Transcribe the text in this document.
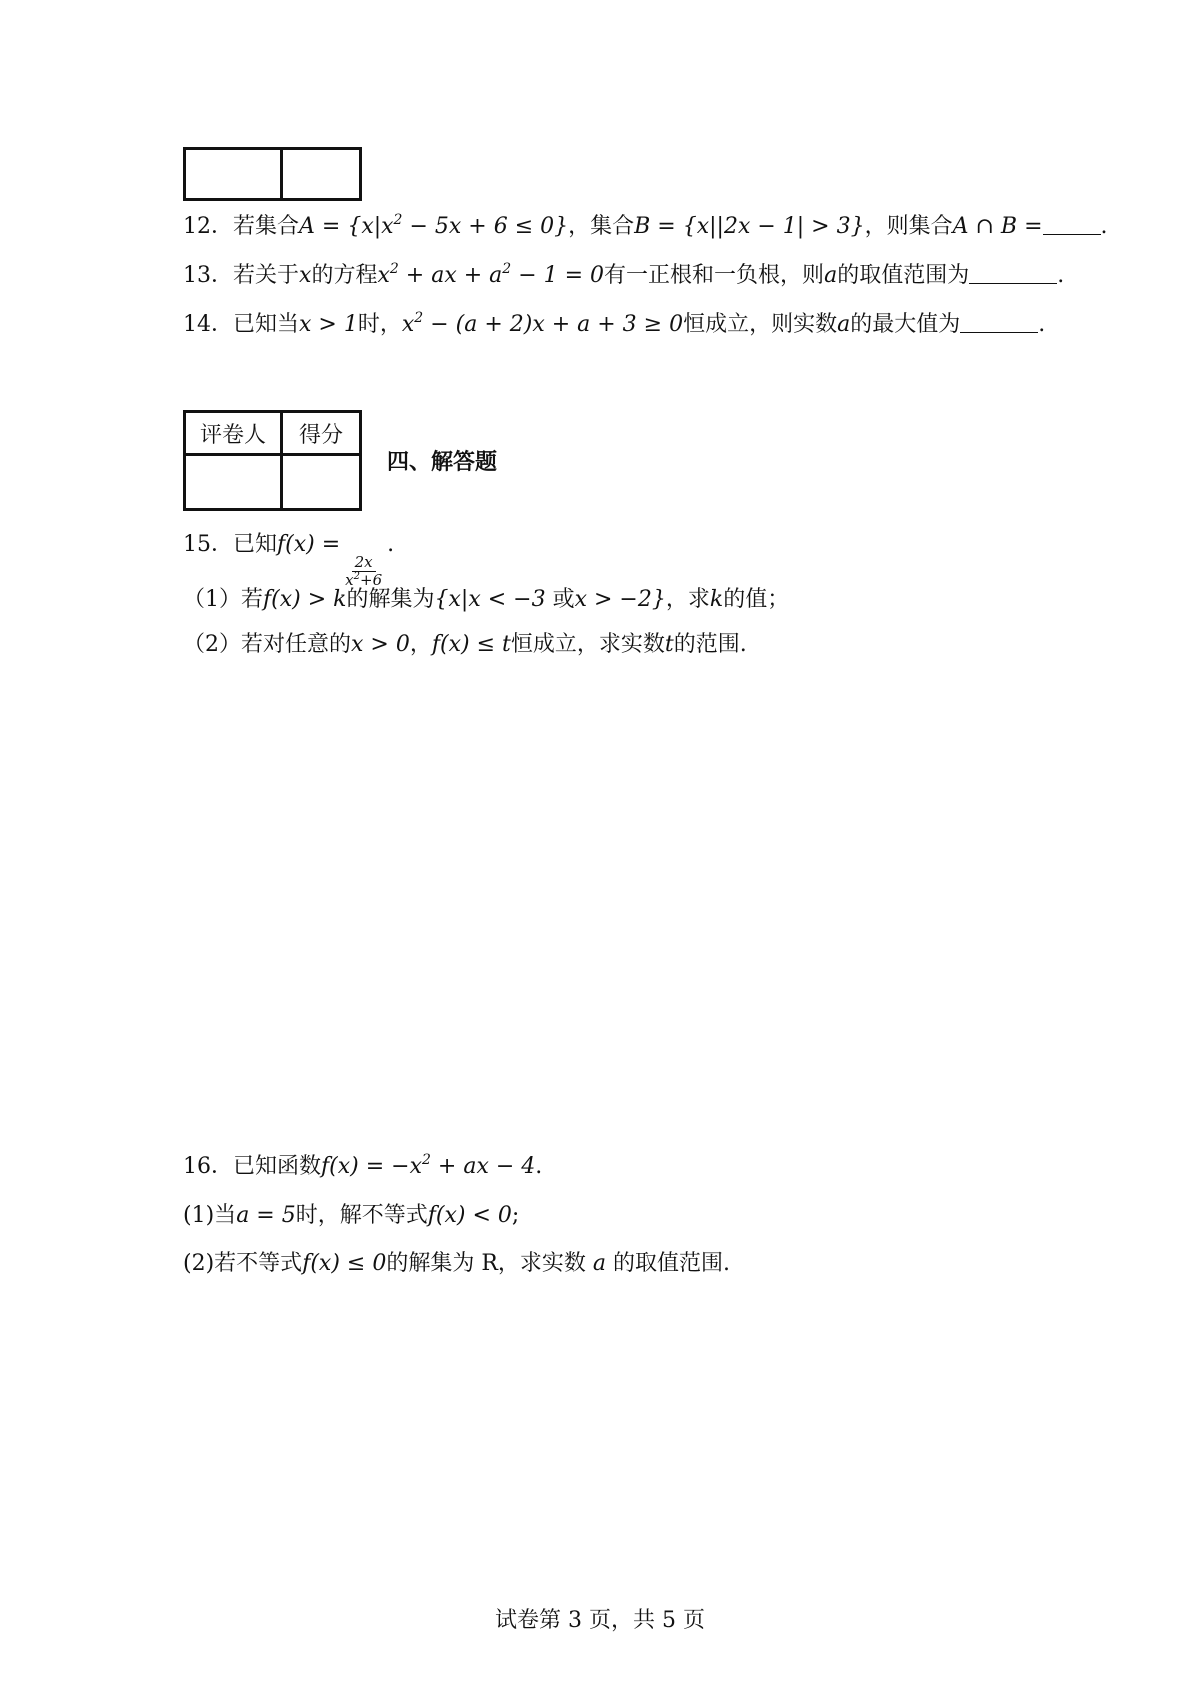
12．若集合$A = \{x|x^2 - 5x + 6 \le 0\}$，集合B = {x||2x − 1| > 3}，则集合A ∩ B =	.
13．若关于x的方程$x^2$ + ax + $a^2 - 1 = 0$有一正根和一负根，则a的取值范围为	.
14．已知当x > 1时，$x^2 - (a + 2)x + a + 3 \ge 0$恒成立，则实数a的最大值为	.
评卷人	得分

四、解答题
15．已知f(x) =
$\frac{2x}{x^2+6}$
.
（1）若f(x) > k的解集为{x|x < −3 或x > −2}，求k的值；
（2）若对任意的x > 0，f(x) ≤ t恒成立，求实数t的范围.
16．已知函数$f(x) = -x^2$ + ax − 4.
(1)当a = 5时，解不等式f(x) < 0;
(2)若不等式f(x) ≤ 0的解集为 R，求实数 a 的取值范围.
试卷第 3 页，共 5 页
